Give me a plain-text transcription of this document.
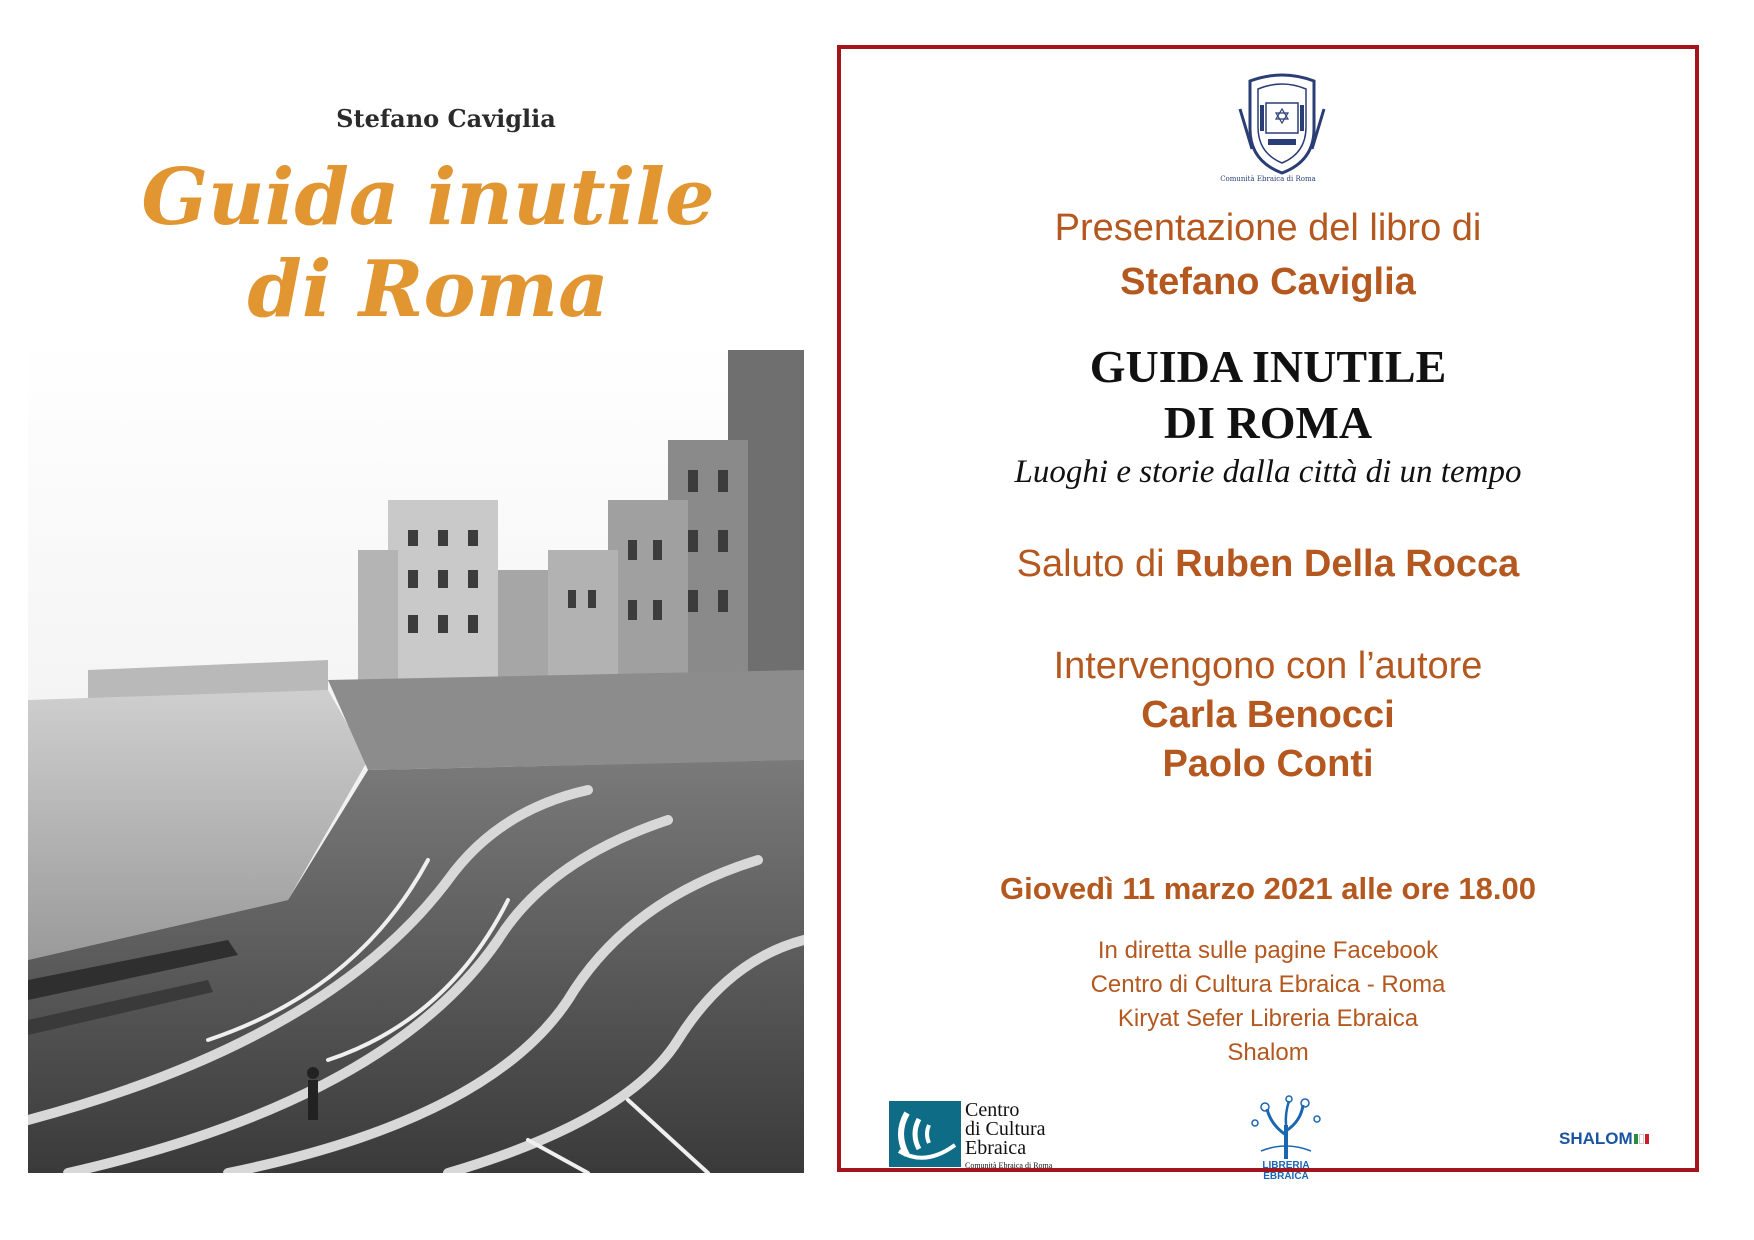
Stefano Caviglia
Guida inutile
di Roma
Comunità Ebraica di Roma
Presentazione del libro di
Stefano Caviglia
GUIDA INUTILE
DI ROMA
Luoghi e storie dalla città di un tempo
Saluto di Ruben Della Rocca
Intervengono con l’autore
Carla Benocci
Paolo Conti
Giovedì 11 marzo 2021 alle ore 18.00
In diretta sulle pagine Facebook
Centro di Cultura Ebraica - Roma
Kiryat Sefer Libreria Ebraica
Shalom
Centro
di Cultura
Ebraica
Comunità Ebraica di Roma	LIBRERIA EBRAICA
SHALOM
